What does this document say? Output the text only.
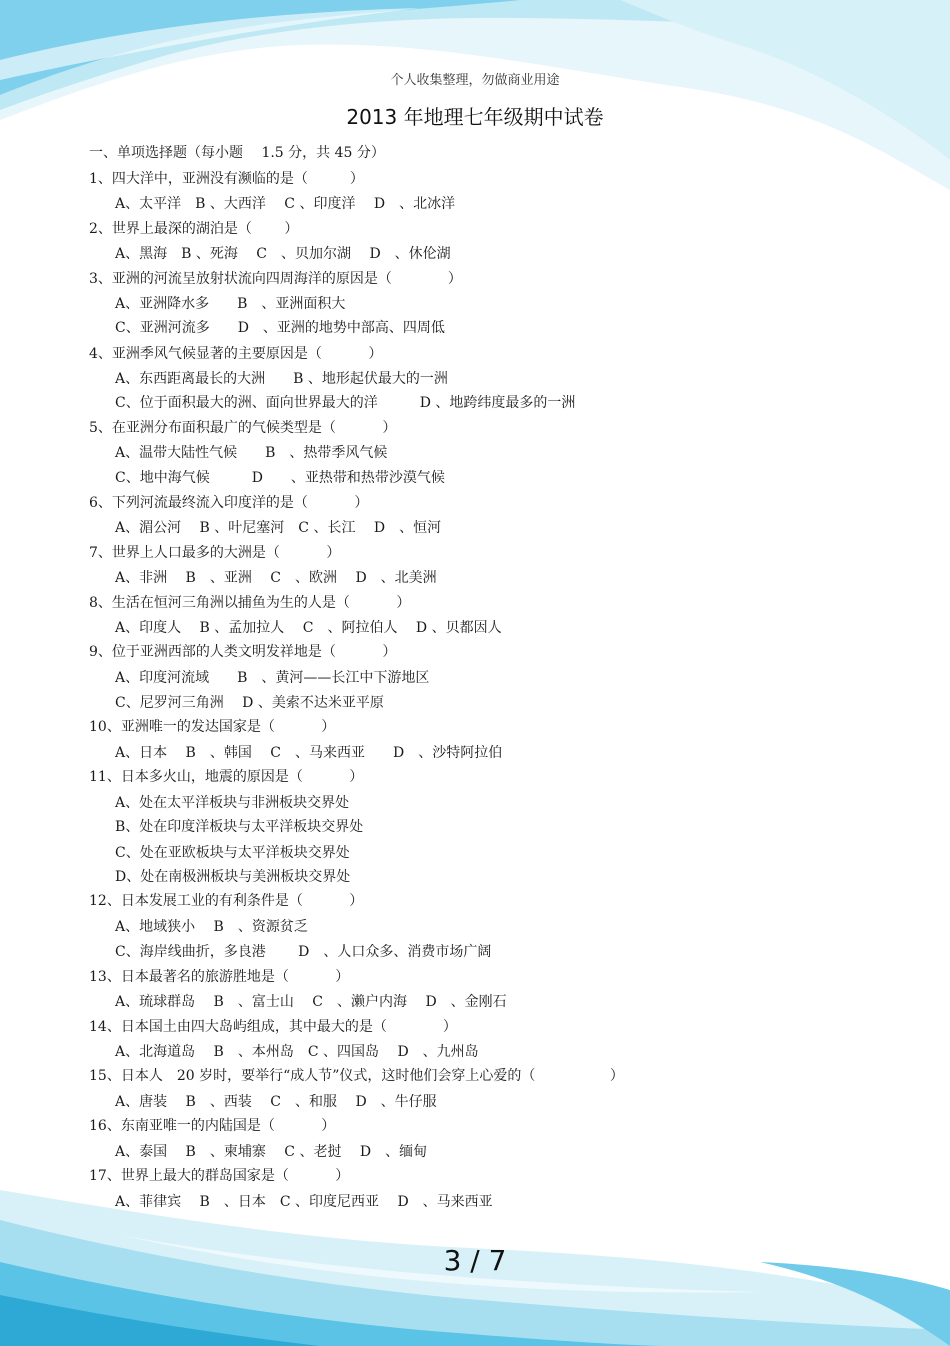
个人收集整理，勿做商业用途
2013 年地理七年级期中试卷
一、单项选择题（每小题　 1.5 分，共 45 分）
1、四大洋中，亚洲没有濒临的是（　　　）
A、太平洋　B 、大西洋　 C 、印度洋　 D　、北冰洋
2、世界上最深的湖泊是（　　 ）
A、黑海　B 、死海　 C　、贝加尔湖　 D　、休伦湖
3、亚洲的河流呈放射状流向四周海洋的原因是（　　　　）
A、亚洲降水多　　B　、亚洲面积大
C、亚洲河流多　　D　、亚洲的地势中部高、四周低
4、亚洲季风气候显著的主要原因是（　　　 ）
A、东西距离最长的大洲　　B 、地形起伏最大的一洲
C、位于面积最大的洲、面向世界最大的洋　　　D 、地跨纬度最多的一洲
5、在亚洲分布面积最广的气候类型是（　　　 ）
A、温带大陆性气候　　B　、热带季风气候
C、地中海气候　　　D　　、亚热带和热带沙漠气候
6、下列河流最终流入印度洋的是（　　　 ）
A、湄公河　 B 、叶尼塞河　C 、长江　 D　、恒河
7、世界上人口最多的大洲是（　　　 ）
A、非洲　 B　、亚洲　 C　、欧洲　 D　、北美洲
8、生活在恒河三角洲以捕鱼为生的人是（　　　 ）
A、印度人　 B 、孟加拉人　 C　、阿拉伯人　 D 、贝都因人
9、位于亚洲西部的人类文明发祥地是（　　　 ）
A、印度河流域　　B　、黄河——长江中下游地区
C、尼罗河三角洲　 D 、美索不达米亚平原
10、亚洲唯一的发达国家是（　　　 ）
A、日本　 B　、韩国　 C　、马来西亚　　D　、沙特阿拉伯
11、日本多火山，地震的原因是（　　　 ）
A、处在太平洋板块与非洲板块交界处
B、处在印度洋板块与太平洋板块交界处
C、处在亚欧板块与太平洋板块交界处
D、处在南极洲板块与美洲板块交界处
12、日本发展工业的有利条件是（　　　 ）
A、地域狭小　 B　、资源贫乏
C、海岸线曲折，多良港　　 D　、人口众多、消费市场广阔
13、日本最著名的旅游胜地是（　　　 ）
A、琉球群岛　 B　、富士山　 C　、濑户内海　 D　、金刚石
14、日本国土由四大岛屿组成，其中最大的是（　　　　）
A、北海道岛　 B　、本州岛　C 、四国岛　 D　、九州岛
15、日本人　20 岁时，要举行“成人节”仪式，这时他们会穿上心爱的（　　　　　 ）
A、唐装　 B　、西装　 C　、和服　 D　、牛仔服
16、东南亚唯一的内陆国是（　　　 ）
A、泰国　 B　、柬埔寨　 C 、老挝　 D　、缅甸
17、世界上最大的群岛国家是（　　　 ）
A、菲律宾　 B　、日本　C 、印度尼西亚　 D　、马来西亚
3 / 7
